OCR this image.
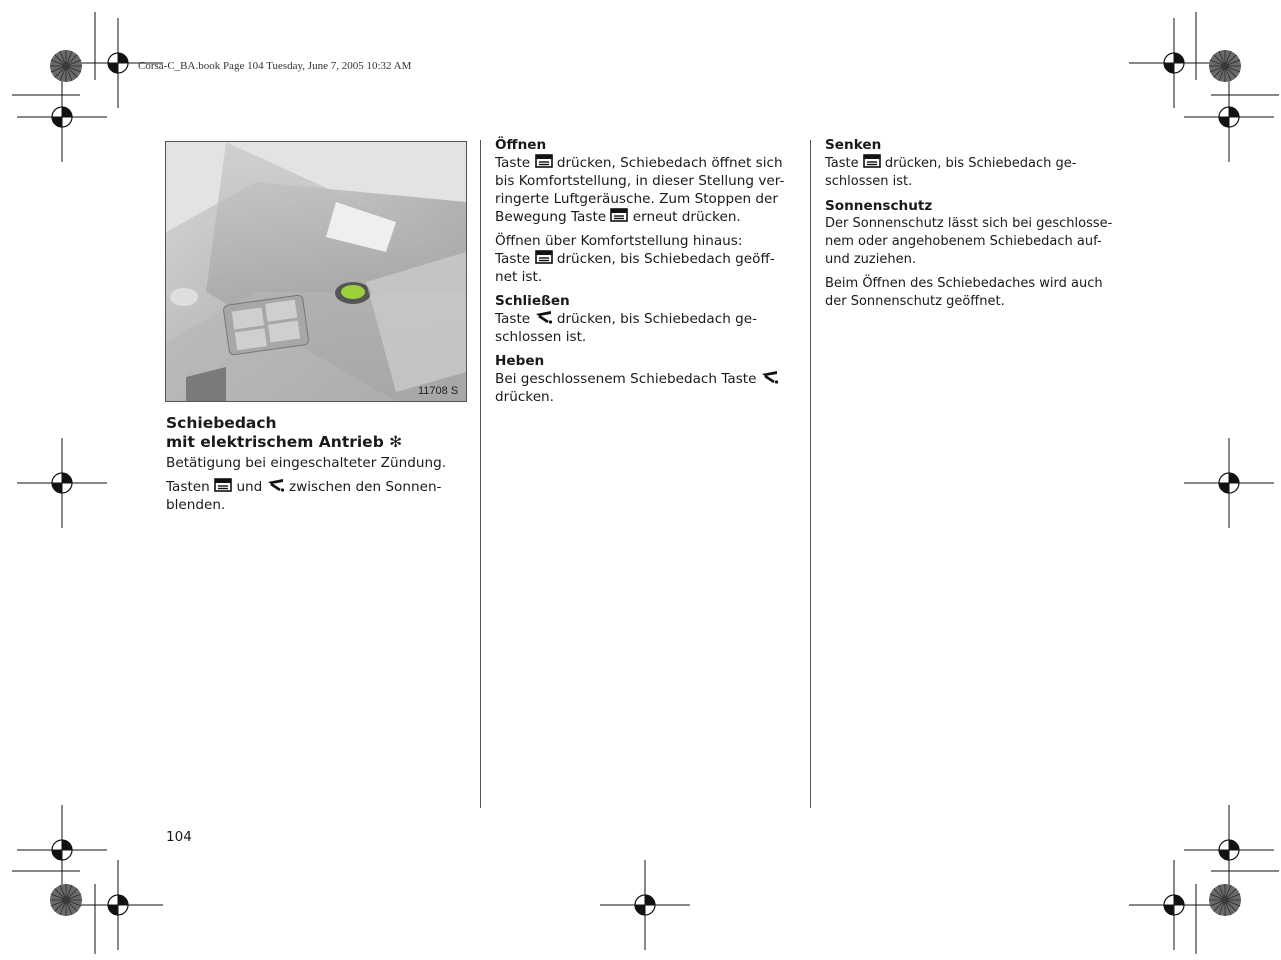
Corsa-C_BA.book Page 104 Tuesday, June 7, 2005 10:32 AM
11708 S
Schiebedach
mit elektrischem Antrieb ✻

Betätigung bei eingeschalteter Zündung.

Tasten und zwischen den Sonnen-
blenden.

Öffnen

Taste drücken, Schiebedach öffnet sich
bis Komfortstellung, in dieser Stellung ver-
ringerte Luftgeräusche. Zum Stoppen der
Bewegung Taste erneut drücken.

Öffnen über Komfortstellung hinaus:
Taste drücken, bis Schiebedach geöff-
net ist.

Schließen

Taste drücken, bis Schiebedach ge-
schlossen ist.

Heben

Bei geschlossenem Schiebedach Taste
drücken.

Senken

Taste drücken, bis Schiebedach ge-
schlossen ist.

Sonnenschutz

Der Sonnenschutz lässt sich bei geschlosse-
nem oder angehobenem Schiebedach auf-
und zuziehen.

Beim Öffnen des Schiebedaches wird auch
der Sonnenschutz geöffnet.

104
